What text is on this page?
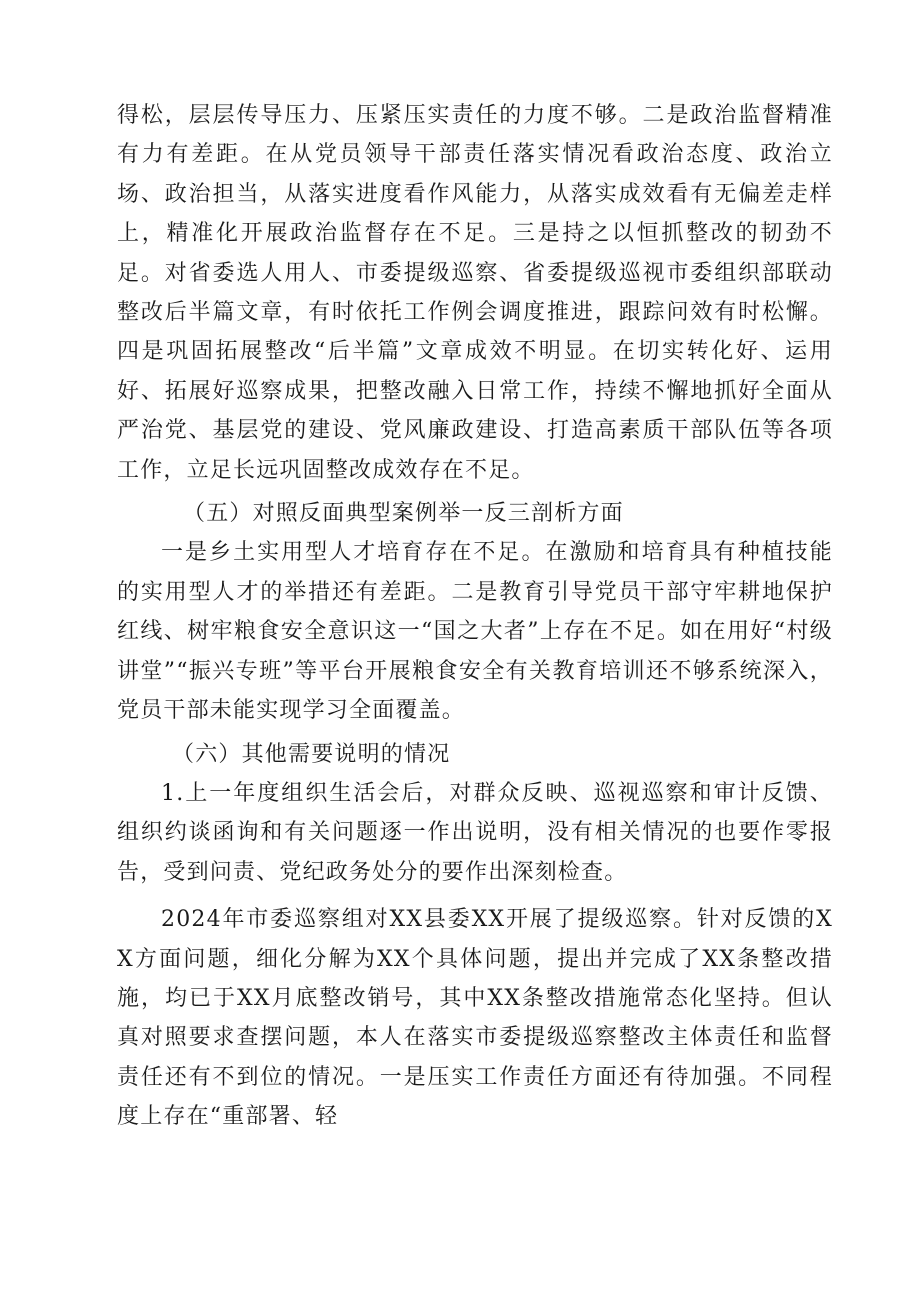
得松，层层传导压力、压紧压实责任的力度不够。二是政治监督精准有力有差距。在从党员领导干部责任落实情况看政治态度、政治立场、政治担当，从落实进度看作风能力，从落实成效看有无偏差走样上，精准化开展政治监督存在不足。三是持之以恒抓整改的韧劲不足。对省委选人用人、市委提级巡察、省委提级巡视市委组织部联动整改后半篇文章，有时依托工作例会调度推进，跟踪问效有时松懈。四是巩固拓展整改“后半篇”文章成效不明显。在切实转化好、运用好、拓展好巡察成果，把整改融入日常工作，持续不懈地抓好全面从严治党、基层党的建设、党风廉政建设、打造高素质干部队伍等各项工作，立足长远巩固整改成效存在不足。

（五）对照反面典型案例举一反三剖析方面

一是乡土实用型人才培育存在不足。在激励和培育具有种植技能的实用型人才的举措还有差距。二是教育引导党员干部守牢耕地保护红线、树牢粮食安全意识这一“国之大者”上存在不足。如在用好“村级讲堂”“振兴专班”等平台开展粮食安全有关教育培训还不够系统深入，党员干部未能实现学习全面覆盖。

（六）其他需要说明的情况

1.上一年度组织生活会后，对群众反映、巡视巡察和审计反馈、组织约谈函询和有关问题逐一作出说明，没有相关情况的也要作零报告，受到问责、党纪政务处分的要作出深刻检查。

2024年市委巡察组对XX县委XX开展了提级巡察。针对反馈的XX方面问题，细化分解为XX个具体问题，提出并完成了XX条整改措施，均已于XX月底整改销号，其中XX条整改措施常态化坚持。但认真对照要求查摆问题，本人在落实市委提级巡察整改主体责任和监督责任还有不到位的情况。一是压实工作责任方面还有待加强。不同程度上存在“重部署、轻
